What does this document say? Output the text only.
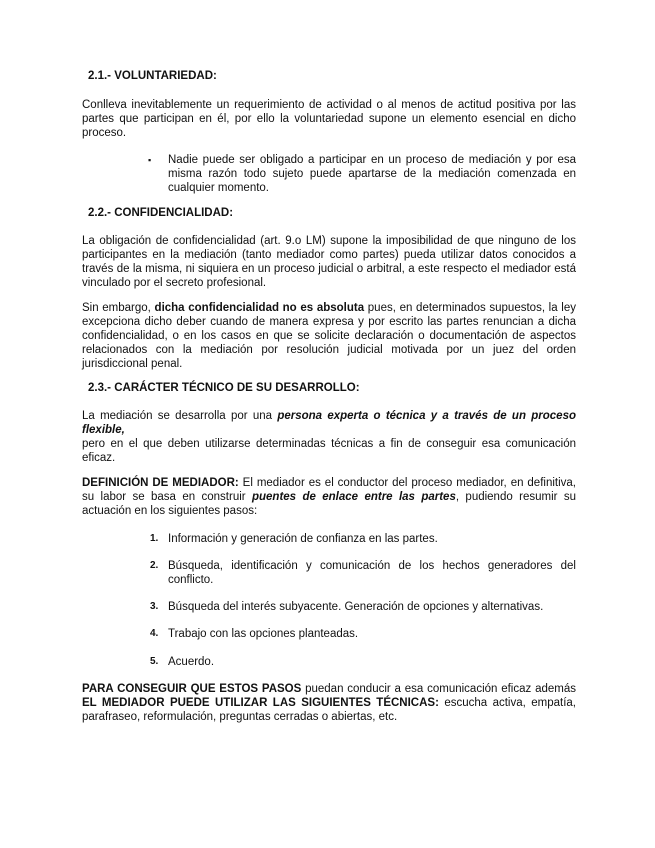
2.1.- VOLUNTARIEDAD:

Conlleva inevitablemente un requerimiento de actividad o al menos de actitud positiva por las partes que participan en él, por ello la voluntariedad supone un elemento esencial en dicho proceso.

▪ Nadie puede ser obligado a participar en un proceso de mediación y por esa misma razón todo sujeto puede apartarse de la mediación comenzada en cualquier momento.
2.2.- CONFIDENCIALIDAD:

La obligación de confidencialidad (art. 9.o LM) supone la imposibilidad de que ninguno de los participantes en la mediación (tanto mediador como partes) pueda utilizar datos conocidos a través de la misma, ni siquiera en un proceso judicial o arbitral, a este respecto el mediador está vinculado por el secreto profesional.

Sin embargo, dicha confidencialidad no es absoluta pues, en determinados supuestos, la ley excepciona dicho deber cuando de manera expresa y por escrito las partes renuncian a dicha confidencialidad, o en los casos en que se solicite declaración o documentación de aspectos relacionados con la mediación por resolución judicial motivada por un juez del orden jurisdiccional penal.

2.3.- CARÁCTER TÉCNICO DE SU DESARROLLO:

La mediación se desarrolla por una persona experta o técnica y a través de un proceso flexible,
pero en el que deben utilizarse determinadas técnicas a fin de conseguir esa comunicación eficaz.

DEFINICIÓN DE MEDIADOR: El mediador es el conductor del proceso mediador, en definitiva, su labor se basa en construir puentes de enlace entre las partes, pudiendo resumir su actuación en los siguientes pasos:

1. Información y generación de confianza en las partes.
2. Búsqueda, identificación y comunicación de los hechos generadores del conflicto.
3. Búsqueda del interés subyacente. Generación de opciones y alternativas.
4. Trabajo con las opciones planteadas.
5. Acuerdo.

PARA CONSEGUIR QUE ESTOS PASOS puedan conducir a esa comunicación eficaz además EL MEDIADOR PUEDE UTILIZAR LAS SIGUIENTES TÉCNICAS: escucha activa, empatía, parafraseo, reformulación, preguntas cerradas o abiertas, etc.
